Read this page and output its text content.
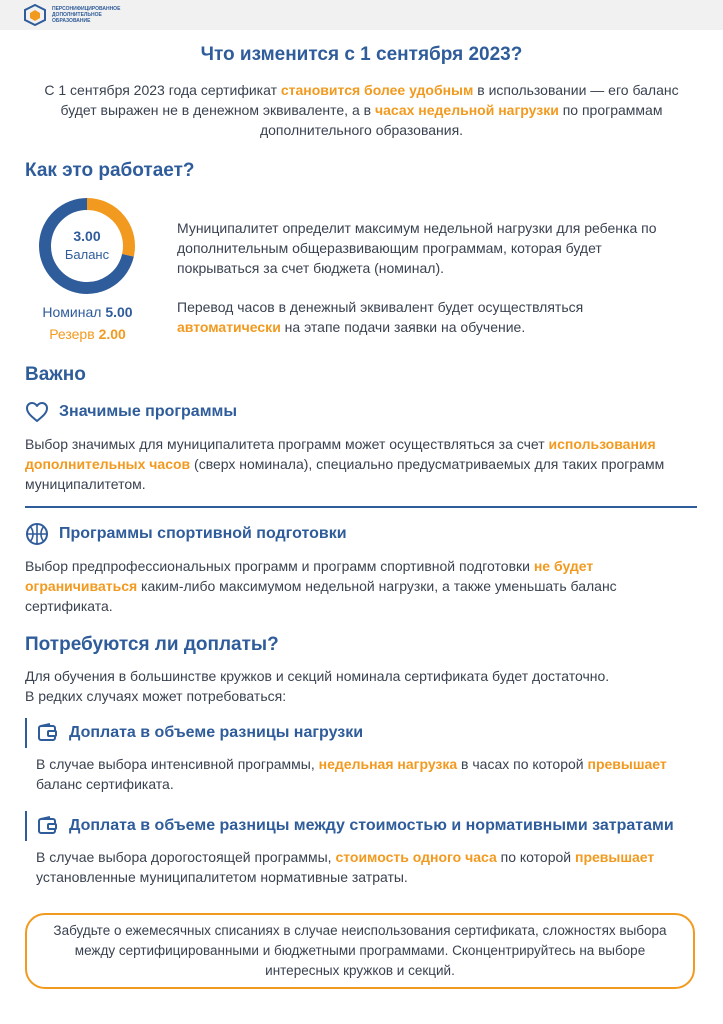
ПЕРСОНИФИЦИРОВАННОЕ
ДОПОЛНИТЕЛЬНОЕ
ОБРАЗОВАНИЕ
Что изменится с 1 сентября 2023?
С 1 сентября 2023 года сертификат становится более удобным в использовании — его баланс будет выражен не в денежном эквиваленте, а в часах недельной нагрузки по программам дополнительного образования.
Как это работает?
3.00
Баланс
Номинал 5.00
Резерв 2.00

Муниципалитет определит максимум недельной нагрузки для ребенка по дополнительным общеразвивающим программам, которая будет покрываться за счет бюджета (номинал).

Перевод часов в денежный эквивалент будет осуществляться автоматически на этапе подачи заявки на обучение.

Важно
Значимые программы
Выбор значимых для муниципалитета программ может осуществляться за счет использования дополнительных часов (сверх номинала), специально предусматриваемых для таких программ муниципалитетом.
Программы спортивной подготовки
Выбор предпрофессиональных программ и программ спортивной подготовки не будет ограничиваться каким-либо максимумом недельной нагрузки, а также уменьшать баланс сертификата.
Потребуются ли доплаты?
Для обучения в большинстве кружков и секций номинала сертификата будет достаточно.
В редких случаях может потребоваться:
Доплата в объеме разницы нагрузки
В случае выбора интенсивной программы, недельная нагрузка в часах по которой превышает баланс сертификата.
Доплата в объеме разницы между стоимостью и нормативными затратами
В случае выбора дорогостоящей программы, стоимость одного часа по которой превышает установленные муниципалитетом нормативные затраты.
Забудьте о ежемесячных списаниях в случае неиспользования сертификата, сложностях выбора между сертифицированными и бюджетными программами. Сконцентрируйтесь на выборе интересных кружков и секций.
